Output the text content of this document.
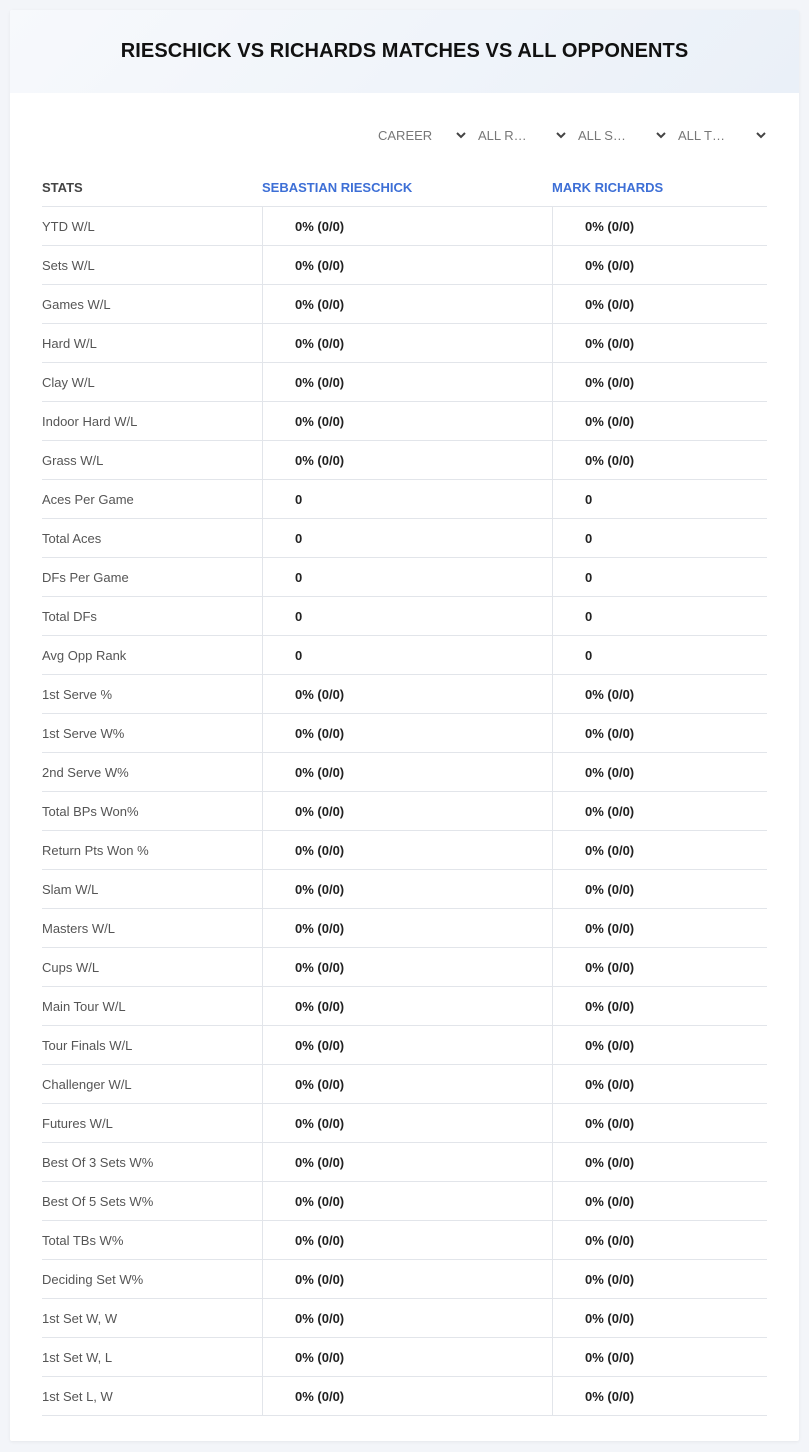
RIESCHICK VS RICHARDS MATCHES VS ALL OPPONENTS
CAREER	ALL R…	ALL S…	ALL T…
STATS	SEBASTIAN RIESCHICK	MARK RICHARDS
YTD W/L	0% (0/0)	0% (0/0)
Sets W/L	0% (0/0)	0% (0/0)
Games W/L	0% (0/0)	0% (0/0)
Hard W/L	0% (0/0)	0% (0/0)
Clay W/L	0% (0/0)	0% (0/0)
Indoor Hard W/L	0% (0/0)	0% (0/0)
Grass W/L	0% (0/0)	0% (0/0)
Aces Per Game	0	0
Total Aces	0	0
DFs Per Game	0	0
Total DFs	0	0
Avg Opp Rank	0	0
1st Serve %	0% (0/0)	0% (0/0)
1st Serve W%	0% (0/0)	0% (0/0)
2nd Serve W%	0% (0/0)	0% (0/0)
Total BPs Won%	0% (0/0)	0% (0/0)
Return Pts Won %	0% (0/0)	0% (0/0)
Slam W/L	0% (0/0)	0% (0/0)
Masters W/L	0% (0/0)	0% (0/0)
Cups W/L	0% (0/0)	0% (0/0)
Main Tour W/L	0% (0/0)	0% (0/0)
Tour Finals W/L	0% (0/0)	0% (0/0)
Challenger W/L	0% (0/0)	0% (0/0)
Futures W/L	0% (0/0)	0% (0/0)
Best Of 3 Sets W%	0% (0/0)	0% (0/0)
Best Of 5 Sets W%	0% (0/0)	0% (0/0)
Total TBs W%	0% (0/0)	0% (0/0)
Deciding Set W%	0% (0/0)	0% (0/0)
1st Set W, W	0% (0/0)	0% (0/0)
1st Set W, L	0% (0/0)	0% (0/0)
1st Set L, W	0% (0/0)	0% (0/0)
